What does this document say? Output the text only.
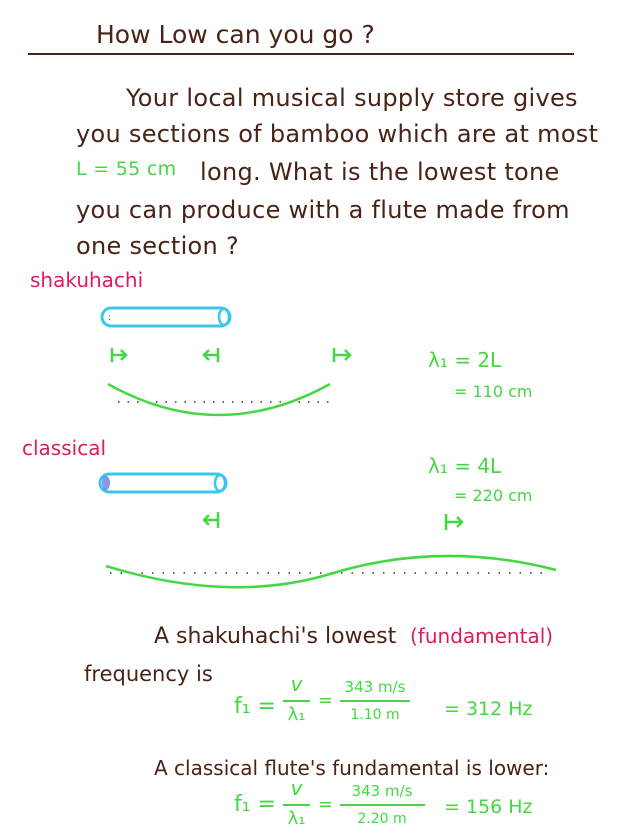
How Low can you go ?
Your local musical supply store gives
you sections of bamboo which are at most
L = 55 cm long. What is the lowest tone
you can produce with a flute made from
one section ?
shakuhachi
λ₁ = 2L
= 110 cm
classical
λ₁ = 4L
= 220 cm
:
A shakuhachi's lowest (fundamental)
frequency is
f₁ =
v
λ₁
=
343 m/s
1.10 m	= 312 Hz
A classical flute's fundamental is lower:
f₁ =
v
λ₁
=
343 m/s
2.20 m
= 156 Hz
